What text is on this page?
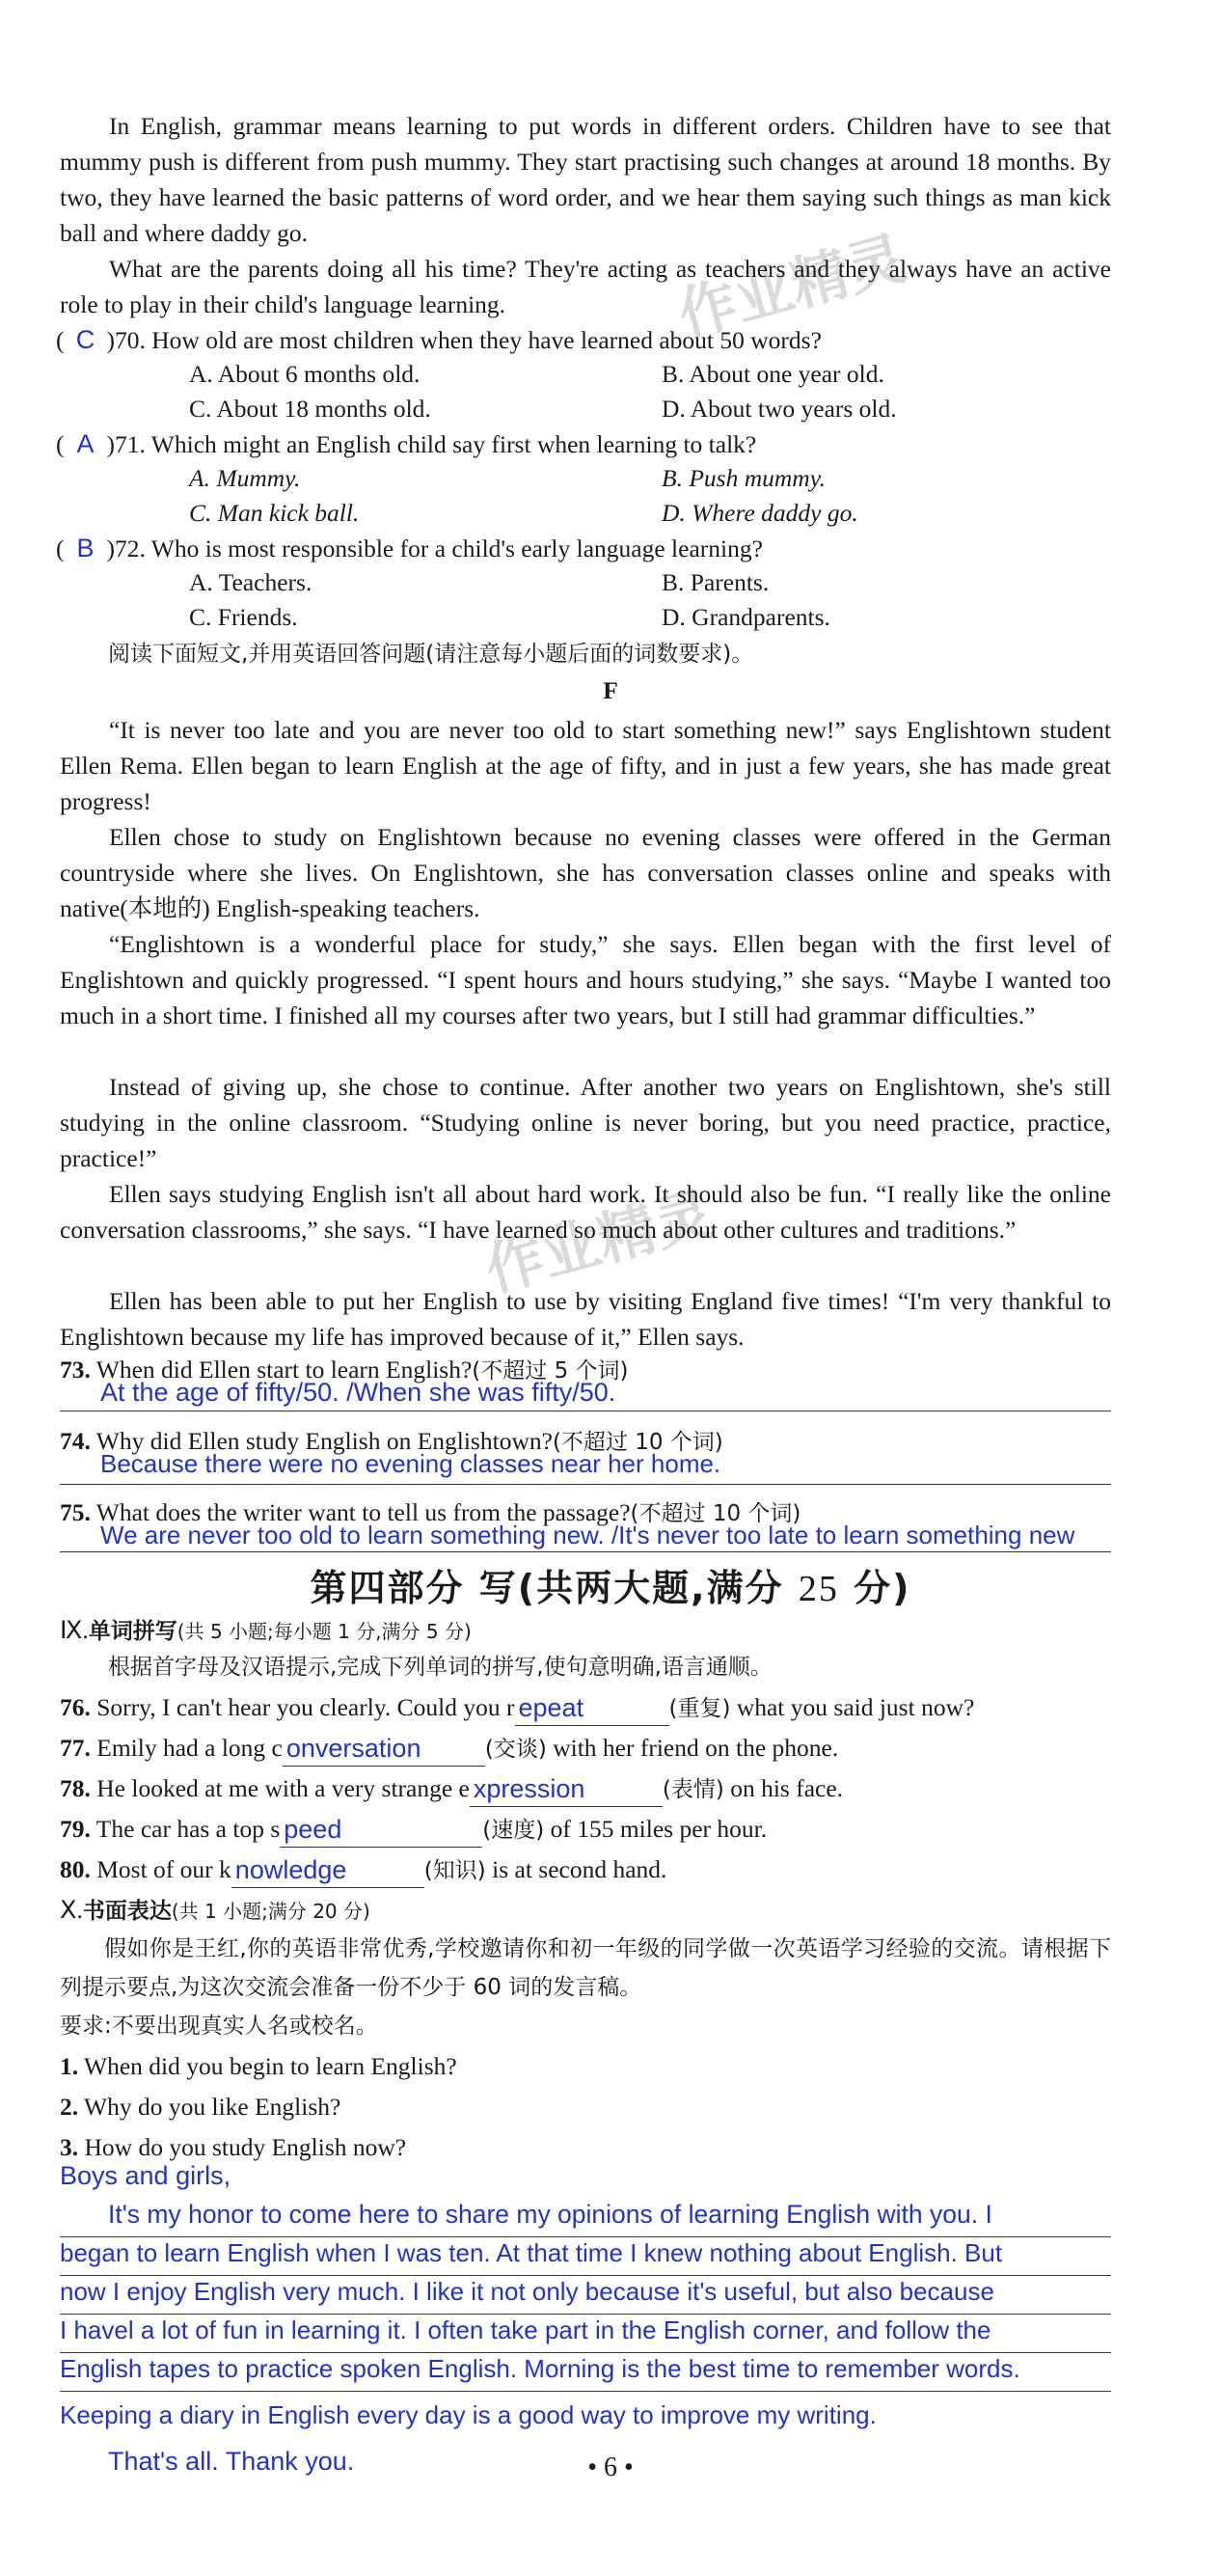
作业精灵
作业精灵

In English, grammar means learning to put words in different orders. Children have to see that mummy push is different from push mummy. They start practising such changes at around 18 months. By two, they have learned the basic patterns of word order, and we hear them saying such things as man kick ball and where daddy go.

What are the parents doing all his time? They're acting as teachers and they always have an active role to play in their child's language learning.

( C )70. How old are most children when they have learned about 50 words?
A. About 6 months old.	B. About one year old.
C. About 18 months old.	D. About two years old.
( A )71. Which might an English child say first when learning to talk?
A. Mummy.	B. Push mummy.
C. Man kick ball.	D. Where daddy go.
( B )72. Who is most responsible for a child's early language learning?
A. Teachers.	B. Parents.
C. Friends.	D. Grandparents.
阅读下面短文,并用英语回答问题(请注意每小题后面的词数要求)。
F

“It is never too late and you are never too old to start something new!” says Englishtown student Ellen Rema. Ellen began to learn English at the age of fifty, and in just a few years, she has made great progress!

Ellen chose to study on Englishtown because no evening classes were offered in the German countryside where she lives. On Englishtown, she has conversation classes online and speaks with native(本地的) English-speaking teachers.

“Englishtown is a wonderful place for study,” she says. Ellen began with the first level of Englishtown and quickly progressed. “I spent hours and hours studying,” she says. “Maybe I wanted too much in a short time. I finished all my courses after two years, but I still had grammar difficulties.”

Instead of giving up, she chose to continue. After another two years on Englishtown, she's still studying in the online classroom. “Studying online is never boring, but you need practice, practice, practice!”

Ellen says studying English isn't all about hard work. It should also be fun. “I really like the online conversation classrooms,” she says. “I have learned so much about other cultures and traditions.”

Ellen has been able to put her English to use by visiting England five times! “I'm very thankful to Englishtown because my life has improved because of it,” Ellen says.

73. When did Ellen start to learn English?(不超过 5 个词)
At the age of fifty/50. /When she was fifty/50.
74. Why did Ellen study English on Englishtown?(不超过 10 个词)
Because there were no evening classes near her home.
75. What does the writer want to tell us from the passage?(不超过 10 个词)
We are never too old to learn something new. /It's never too late to learn something new
第四部分 写(共两大题,满分 25 分)
Ⅸ.单词拼写(共 5 小题;每小题 1 分,满分 5 分)
根据首字母及汉语提示,完成下列单词的拼写,使句意明确,语言通顺。
76. Sorry, I can't hear you clearly. Could you r epeat	(重复) what you said just now?
77. Emily had a long c onversation	(交谈) with her friend on the phone.
78. He looked at me with a very strange e xpression	(表情) on his face.
79. The car has a top s peed	(速度) of 155 miles per hour.
80. Most of our k nowledge	(知识) is at second hand.
Ⅹ.书面表达(共 1 小题;满分 20 分)

假如你是王红,你的英语非常优秀,学校邀请你和初一年级的同学做一次英语学习经验的交流。请根据下列提示要点,为这次交流会准备一份不少于 60 词的发言稿。

要求:不要出现真实人名或校名。
1. When did you begin to learn English?
2. Why do you like English?
3. How do you study English now?
Boys and girls,
It's my honor to come here to share my opinions of learning English with you. I
began to learn English when I was ten. At that time I knew nothing about English. But
now I enjoy English very much. I like it not only because it's useful, but also because
I havel a lot of fun in learning it. I often take part in the English corner, and follow the
English tapes to practice spoken English. Morning is the best time to remember words.
Keeping a diary in English every day is a good way to improve my writing.
That's all. Thank you.	• 6 •
